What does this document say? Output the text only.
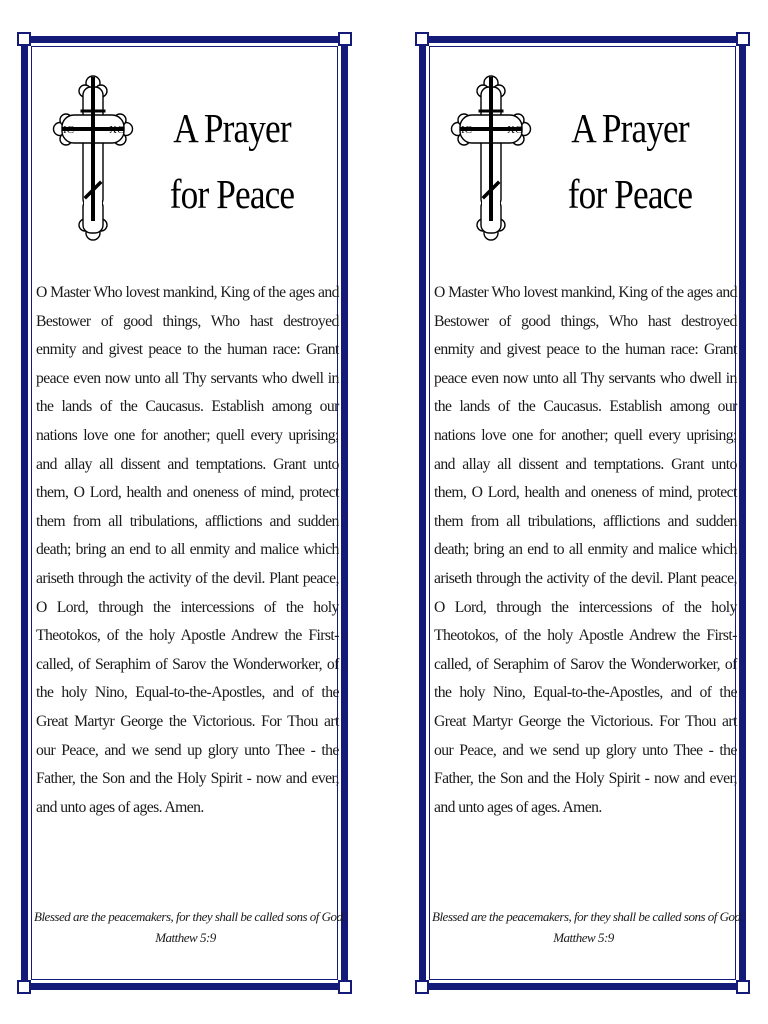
IC	XC	A Prayer
for Peace
O Master Who lovest mankind, King of the ages and Bestower of good things, Who hast destroyed enmity and givest peace to the human race: Grant peace even now unto all Thy servants who dwell in the lands of the Caucasus. Establish among our nations love one for another; quell every uprising; and allay all dissent and temptations. Grant unto them, O Lord, health and oneness of mind, protect them from all tribulations, afflictions and sudden death; bring an end to all enmity and malice which ariseth through the activity of the devil. Plant peace, O Lord, through the intercessions of the holy Theotokos, of the holy Apostle Andrew the First-called, of Seraphim of Sarov the Wonderworker, of the holy Nino, Equal-to-the-Apostles, and of the Great Martyr George the Victorious. For Thou art our Peace, and we send up glory unto Thee - the Father, the Son and the Holy Spirit - now and ever, and unto ages of ages. Amen.
Blessed are the peacemakers, for they shall be called sons of God.
Matthew 5:9
IC	XC	A Prayer
for Peace
O Master Who lovest mankind, King of the ages and Bestower of good things, Who hast destroyed enmity and givest peace to the human race: Grant peace even now unto all Thy servants who dwell in the lands of the Caucasus. Establish among our nations love one for another; quell every uprising; and allay all dissent and temptations. Grant unto them, O Lord, health and oneness of mind, protect them from all tribulations, afflictions and sudden death; bring an end to all enmity and malice which ariseth through the activity of the devil. Plant peace, O Lord, through the intercessions of the holy Theotokos, of the holy Apostle Andrew the First-called, of Seraphim of Sarov the Wonderworker, of the holy Nino, Equal-to-the-Apostles, and of the Great Martyr George the Victorious. For Thou art our Peace, and we send up glory unto Thee - the Father, the Son and the Holy Spirit - now and ever, and unto ages of ages. Amen.
Blessed are the peacemakers, for they shall be called sons of God.
Matthew 5:9
